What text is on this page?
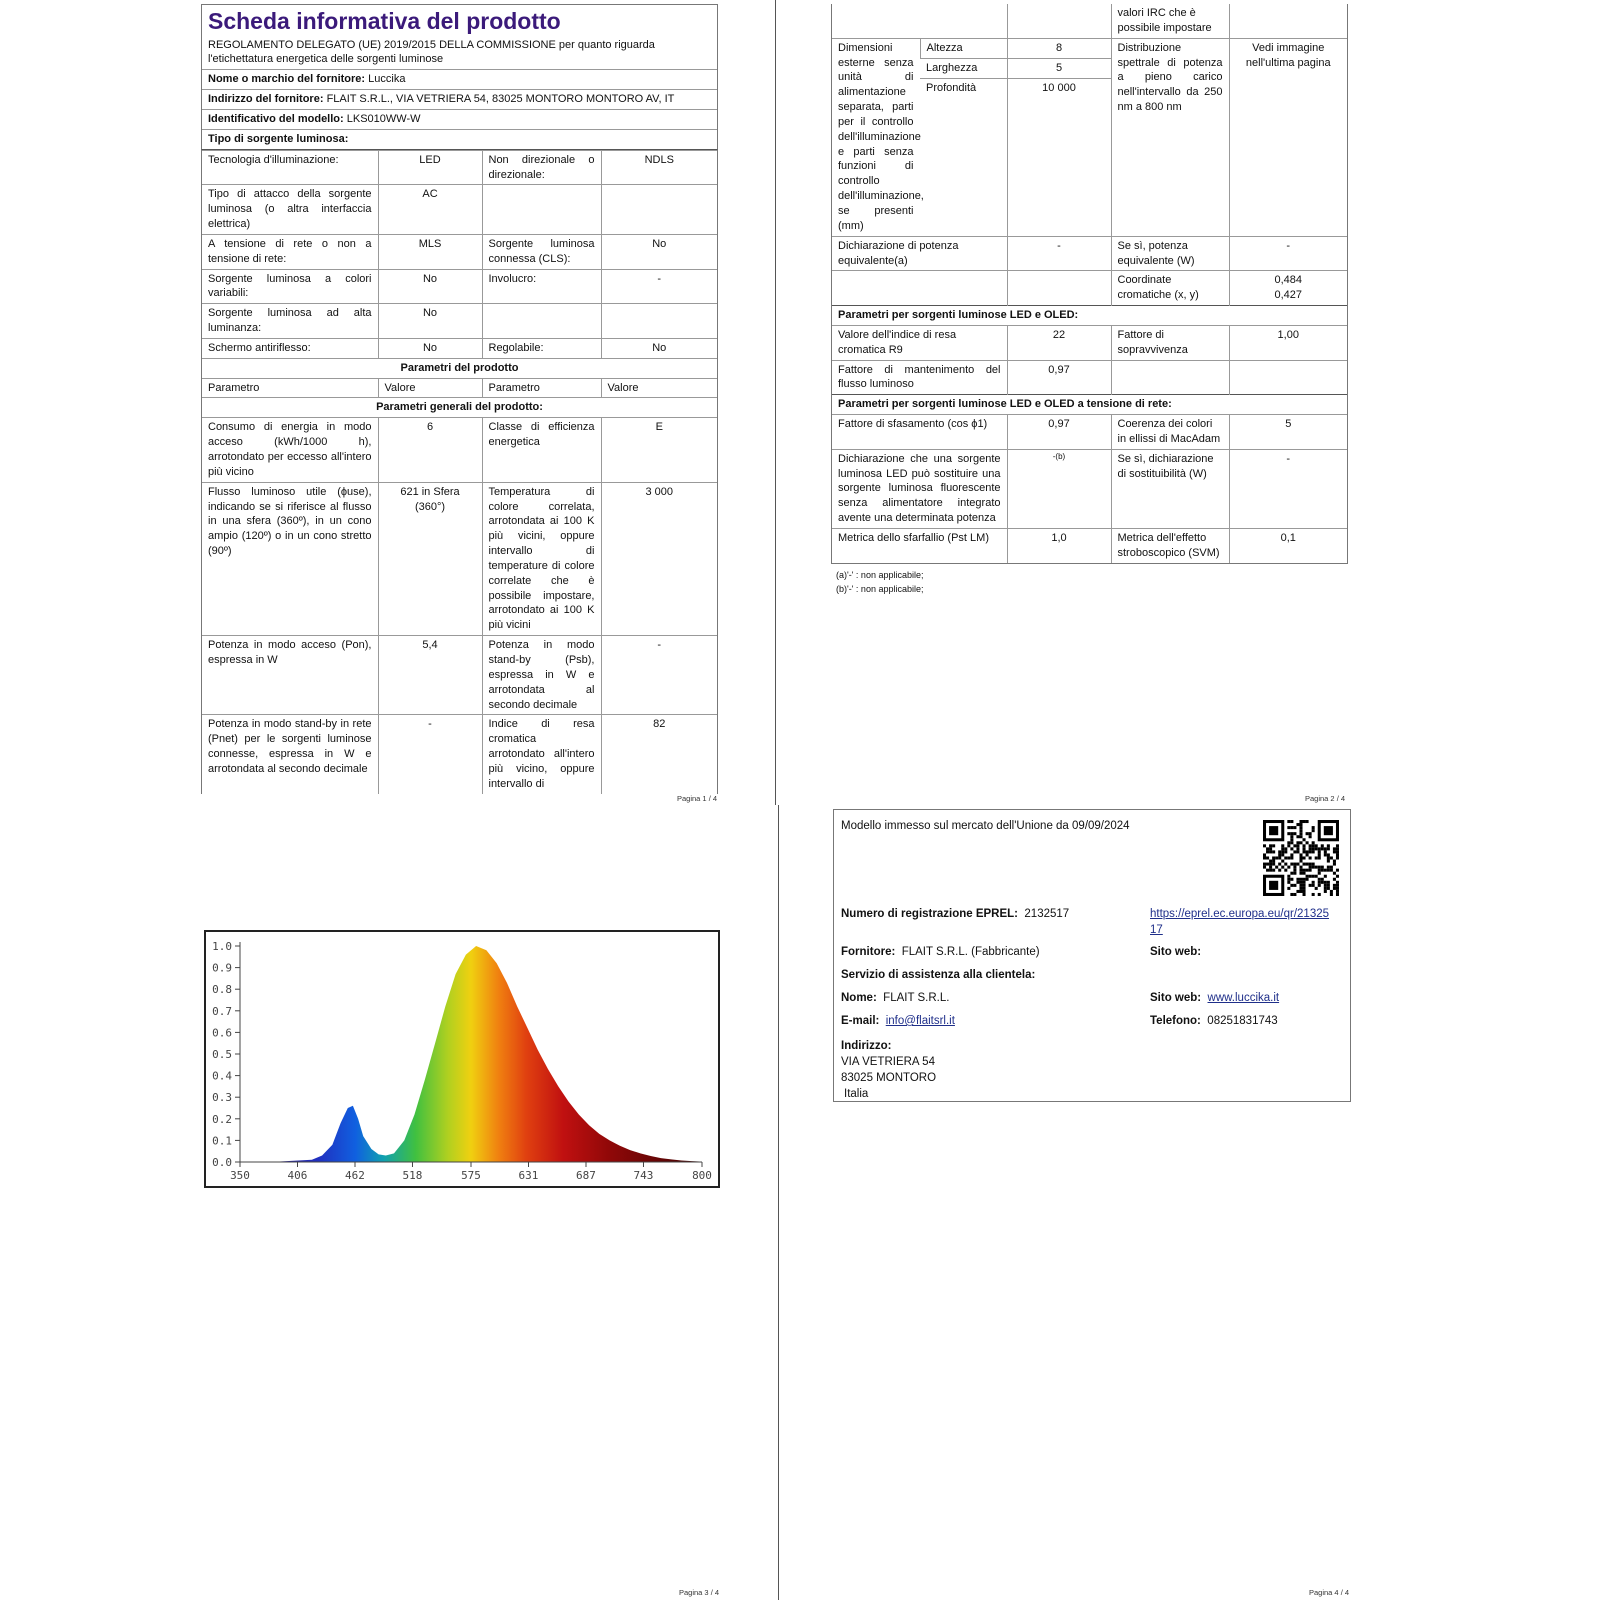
Scheda informativa del prodotto
REGOLAMENTO DELEGATO (UE) 2019/2015 DELLA COMMISSIONE per quanto riguarda l'etichettatura energetica delle sorgenti luminose
Nome o marchio del fornitore: Luccika
Indirizzo del fornitore: FLAIT S.R.L., VIA VETRIERA 54, 83025 MONTORO MONTORO AV, IT
Identificativo del modello: LKS010WW-W
Tipo di sorgente luminosa:
Tecnologia d'illuminazione:	LED	Non direzionale o direzionale:	NDLS
Tipo di attacco della sorgente luminosa (o altra interfaccia elettrica)	AC		
A tensione di rete o non a tensione di rete:	MLS	Sorgente luminosa connessa (CLS):	No
Sorgente luminosa a colori variabili:	No	Involucro:	-
Sorgente luminosa ad alta luminanza:	No		
Schermo antiriflesso:	No	Regolabile:	No
Parametri del prodotto			
Parametro	Valore	Parametro	Valore
Parametri generali del prodotto:			
Consumo di energia in modo acceso (kWh/1000 h), arrotondato per eccesso all'intero più vicino	6	Classe di efficienza energetica	E
Flusso luminoso utile (ϕuse), indicando se si riferisce al flusso in una sfera (360º), in un cono ampio (120º) o in un cono stretto (90º)	621 in Sfera (360°)	Temperatura di colore correlata, arrotondata ai 100 K più vicini, oppure intervallo di temperature di colore correlate che è possibile impostare, arrotondato ai 100 K più vicini	3 000
Potenza in modo acceso (Pon), espressa in W	5,4	Potenza in modo stand-by (Psb), espressa in W e arrotondata al secondo decimale	-
Potenza in modo stand-by in rete (Pnet) per le sorgenti luminose connesse, espressa in W e arrotondata al secondo decimale	-	Indice di resa cromatica arrotondato all'intero più vicino, oppure intervallo di	82
Pagina 1 / 4
			valori IRC che è possibile impostare	
Dimensioni esterne senza unità di alimentazione separata, parti per il controllo dell'illuminazione e parti senza funzioni di controllo dell'illuminazione, se presenti (mm)	Altezza	8	Distribuzione spettrale di potenza a pieno carico nell'intervallo da 250 nm a 800 nm	Vedi immagine nell'ultima pagina
	Larghezza	5		
	Profondità	10 000		
Dichiarazione di potenza equivalente(a)		-	Se sì, potenza equivalente (W)	-
			Coordinate cromatiche (x, y)	0,484
0,427

Parametri per sorgenti luminose LED e OLED:				
Valore dell'indice di resa cromatica R9		22	Fattore di sopravvivenza	1,00
Fattore di mantenimento del flusso luminoso		0,97		
Parametri per sorgenti luminose LED e OLED a tensione di rete:				
Fattore di sfasamento (cos ϕ1)		0,97	Coerenza dei colori in ellissi di MacAdam	5
Dichiarazione che una sorgente luminosa LED può sostituire una sorgente luminosa fluorescente senza alimentatore integrato avente una determinata potenza		-(b)	Se sì, dichiarazione di sostituibilità (W)	-
Metrica dello sfarfallio (Pst LM)		1,0	Metrica dell'effetto stroboscopico (SVM)	0,1
(a)'-' : non applicabile;
(b)'-' : non applicabile;
Pagina 2 / 4
0.0
0.1
0.2
0.3
0.4
0.5
0.6
0.7
0.8
0.9
1.0
350	406	462	518	575	631	687	743	800
Pagina 3 / 4
Modello immesso sul mercato dell'Unione da 09/09/2024
Numero di registrazione EPREL: 2132517	https://eprel.ec.europa.eu/qr/2132517
Fornitore: FLAIT S.R.L. (Fabbricante)	Sito web:
Servizio di assistenza alla clientela:
Nome: FLAIT S.R.L.	Sito web: www.luccika.it
E-mail: info@flaitsrl.it	Telefono: 08251831743
Indirizzo:
VIA VETRIERA 54
83025 MONTORO
Italia
Pagina 4 / 4
